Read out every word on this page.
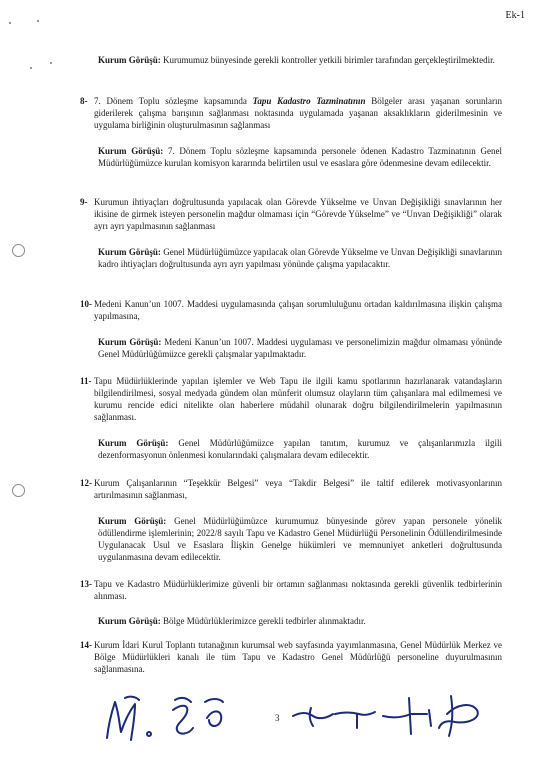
Ek-1

Kurum Görüşü: Kurumumuz bünyesinde gerekli kontroller yetkili birimler tarafından gerçekleştirilmektedir.

8- 7. Dönem Toplu sözleşme kapsamında Tapu Kadastro Tazminatının Bölgeler arası yaşanan sorunların giderilerek çalışma barışının sağlanması noktasında uygulamada yaşanan aksaklıkların giderilmesinin ve uygulama birliğinin oluşturulmasının sağlanması

Kurum Görüşü: 7. Dönem Toplu sözleşme kapsamında personele ödenen Kadastro Tazminatının Genel Müdürlüğümüzce kurulan komisyon kararında belirtilen usul ve esaslara göre ödenmesine devam edilecektir.

9- Kurumun ihtiyaçları doğrultusunda yapılacak olan Görevde Yükselme ve Unvan Değişikliği sınavlarının her ikisine de girmek isteyen personelin mağdur olmaması için “Görevde Yükselme” ve “Unvan Değişikliği” olarak ayrı ayrı yapılmasının sağlanması

Kurum Görüşü: Genel Müdürlüğümüzce yapılacak olan Görevde Yükselme ve Unvan Değişikliği sınavlarının kadro ihtiyaçları doğrultusunda ayrı ayrı yapılması yönünde çalışma yapılacaktır.

10- Medeni Kanun’un 1007. Maddesi uygulamasında çalışan sorumluluğunu ortadan kaldırılmasına ilişkin çalışma yapılmasına,

Kurum Görüşü: Medeni Kanun’un 1007. Maddesi uygulaması ve personelimizin mağdur olmaması yönünde Genel Müdürlüğümüzce gerekli çalışmalar yapılmaktadır.

11- Tapu Müdürlüklerinde yapılan işlemler ve Web Tapu ile ilgili kamu spotlarının hazırlanarak vatandaşların bilgilendirilmesi, sosyal medyada gündem olan münferit olumsuz olayların tüm çalışanlara mal edilmemesi ve kurumu rencide edici nitelikte olan haberlere müdahil olunarak doğru bilgilendirilmelerin yapılmasının sağlanması.

Kurum Görüşü: Genel Müdürlüğümüzce yapılan tanıtım, kurumuz ve çalışanlarımızla ilgili dezenformasyonun önlenmesi konularındaki çalışmalara devam edilecektir.

12- Kurum Çalışanlarının “Teşekkür Belgesi” veya “Takdir Belgesi” ile taltif edilerek motivasyonlarının artırılmasının sağlanması,

Kurum Görüşü: Genel Müdürlüğümüzce kurumumuz bünyesinde görev yapan personele yönelik ödüllendirme işlemlerinin; 2022/8 sayılı Tapu ve Kadastro Genel Müdürlüğü Personelinin Ödüllendirilmesinde Uygulanacak Usul ve Esaslara İlişkin Genelge hükümleri ve memnuniyet anketleri doğrultusunda uygulanmasına devam edilecektir.

13- Tapu ve Kadastro Müdürlüklerimize güvenli bir ortamın sağlanması noktasında gerekli güvenlik tedbirlerinin alınması.

Kurum Görüşü: Bölge Müdürlüklerimizce gerekli tedbirler alınmaktadır.

14- Kurum İdari Kurul Toplantı tutanağının kurumsal web sayfasında yayımlanmasına, Genel Müdürlük Merkez ve Bölge Müdürlükleri kanalı ile tüm Tapu ve Kadastro Genel Müdürlüğü personeline duyurulmasının sağlanmasına.
3
